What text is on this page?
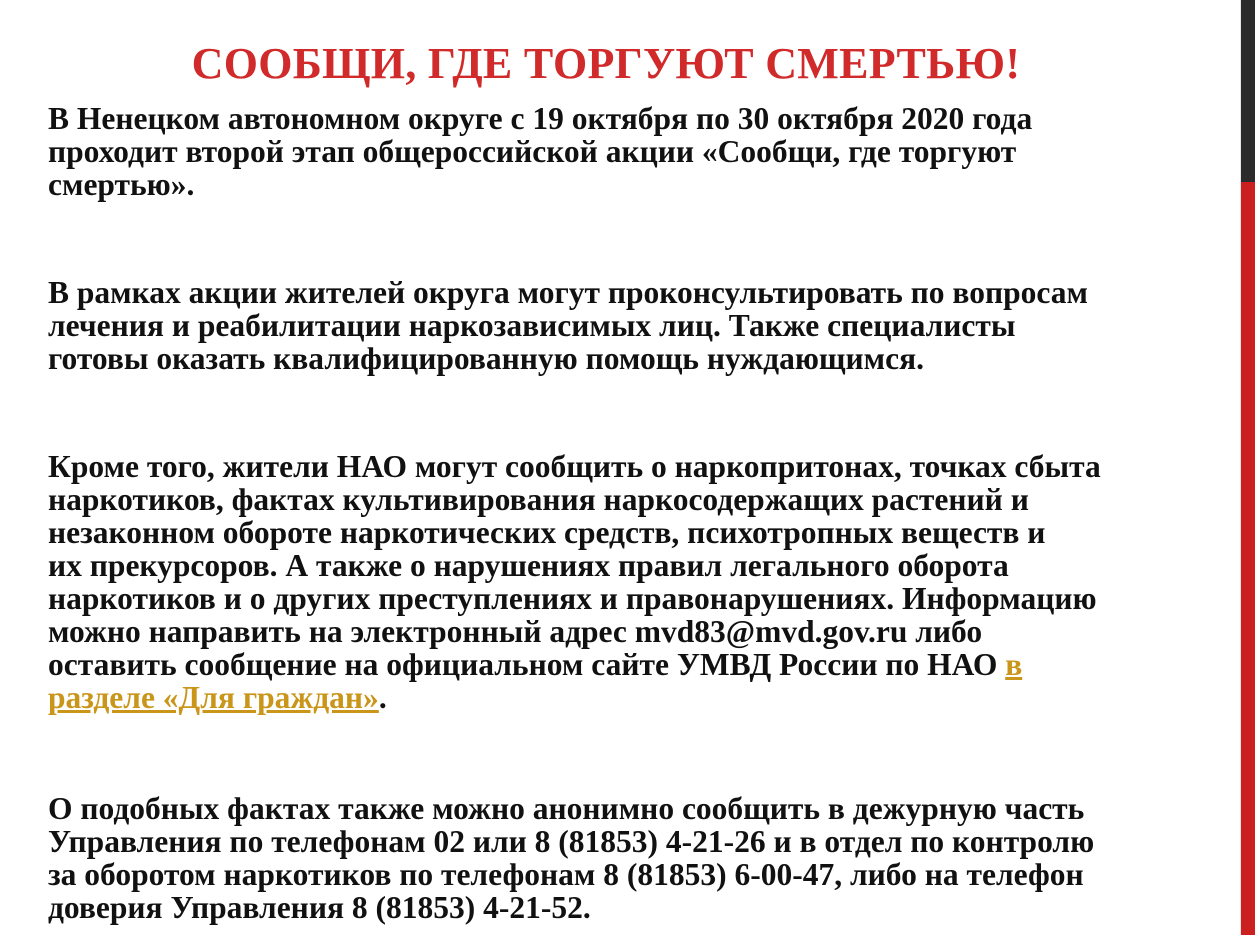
СООБЩИ, ГДЕ ТОРГУЮТ СМЕРТЬЮ!

В Ненецком автономном округе с 19 октября по 30 октября 2020 года
проходит второй этап общероссийской акции «Сообщи, где торгуют
смертью».

В рамках акции жителей округа могут проконсультировать по вопросам
лечения и реабилитации наркозависимых лиц. Также специалисты
готовы оказать квалифицированную помощь нуждающимся.

Кроме того, жители НАО могут сообщить о наркопритонах, точках сбыта
наркотиков, фактах культивирования наркосодержащих растений и
незаконном обороте наркотических средств, психотропных веществ и
их прекурсоров. А также о нарушениях правил легального оборота
наркотиков и о других преступлениях и правонарушениях. Информацию
можно направить на электронный адрес mvd83@mvd.gov.ru либо
оставить сообщение на официальном сайте УМВД России по НАО в
разделе «Для граждан».

О подобных фактах также можно анонимно сообщить в дежурную часть
Управления по телефонам 02 или 8 (81853) 4-21-26 и в отдел по контролю
за оборотом наркотиков по телефонам 8 (81853) 6-00-47, либо на телефон
доверия Управления 8 (81853) 4-21-52.
